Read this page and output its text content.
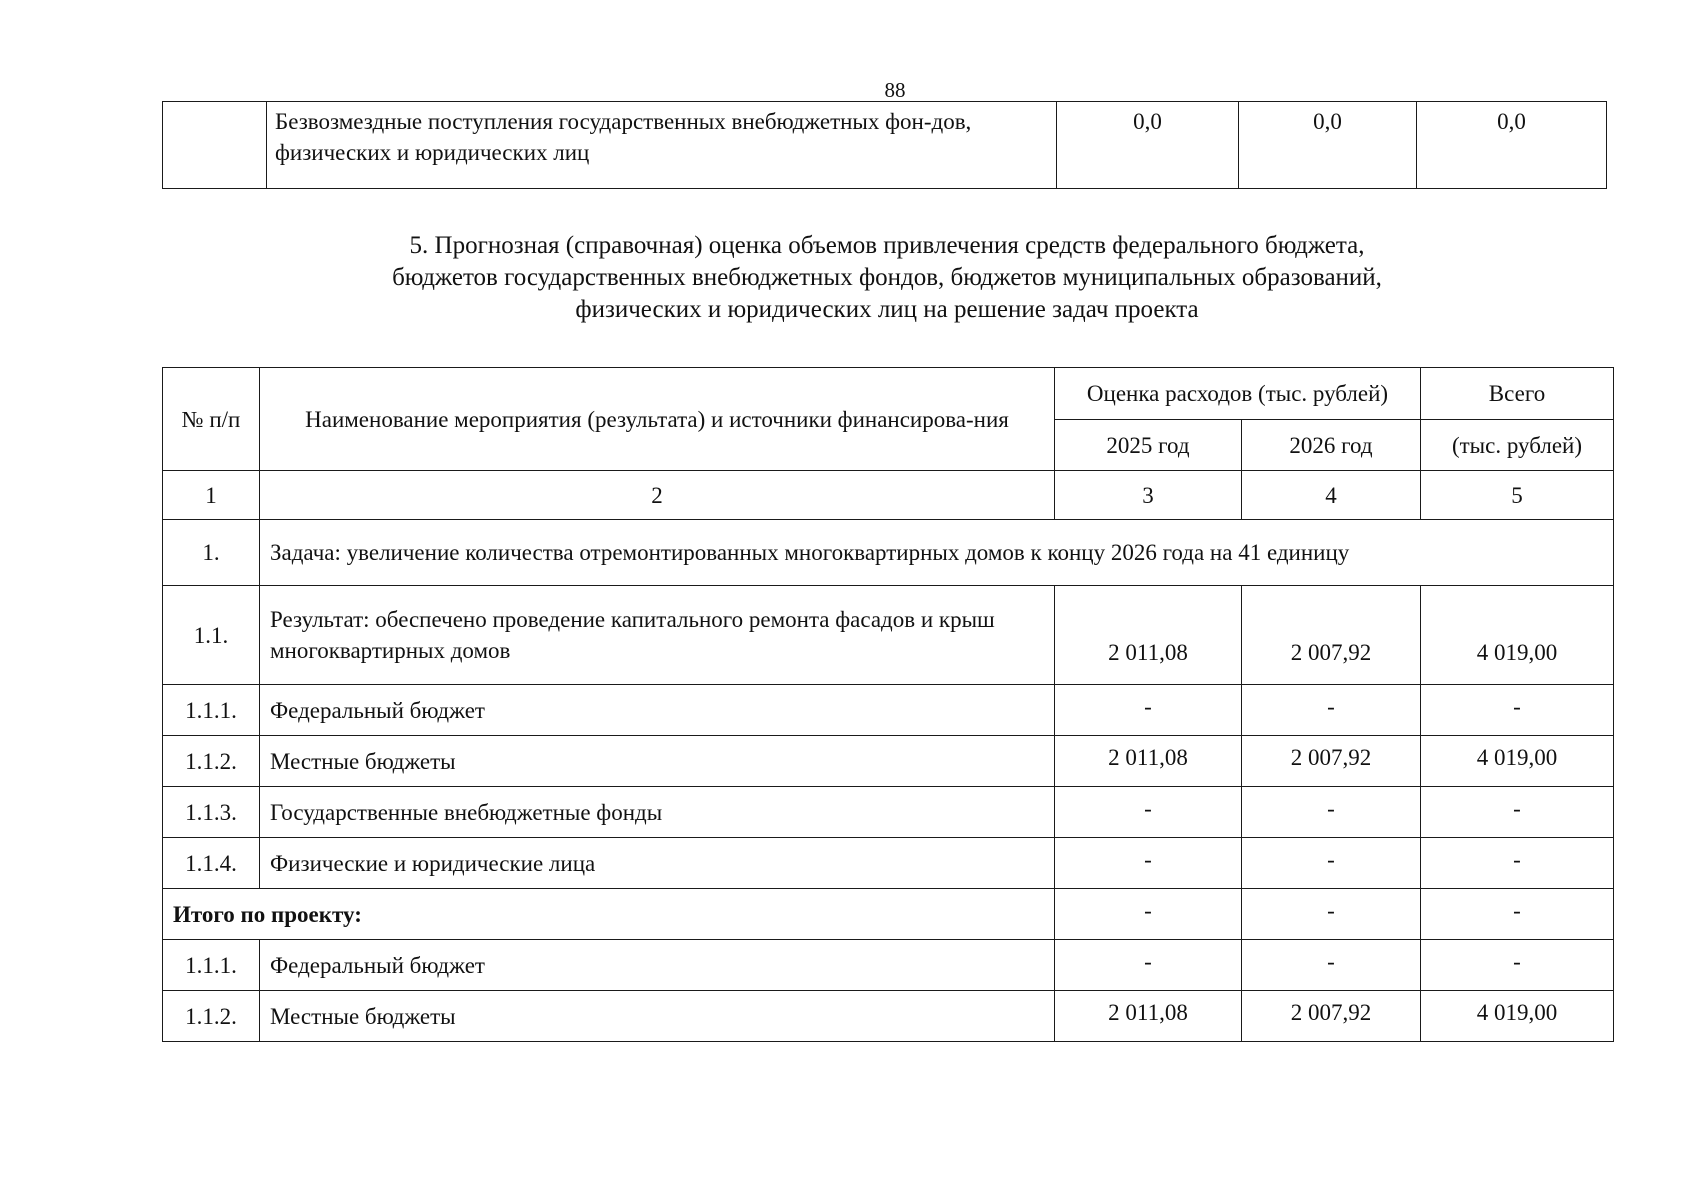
88
	Безвозмездные поступления государственных внебюджетных фон-дов, физических и юридических лиц	0,0	0,0	0,0
5. Прогнозная (справочная) оценка объемов привлечения средств федерального бюджета,
бюджетов государственных внебюджетных фондов, бюджетов муниципальных образований,
физических и юридических лиц на решение задач проекта
№ п/п	Наименование мероприятия (результата) и источники финансирова-ния	Оценка расходов (тыс. рублей)		Всего
		2025 год	2026 год	(тыс. рублей)
1	2	3	4	5
1.	Задача: увеличение количества отремонтированных многоквартирных домов к концу 2026 года на 41 единицу			
1.1.	Результат: обеспечено проведение капитального ремонта фасадов и крыш многоквартирных домов	2 011,08	2 007,92	4 019,00
1.1.1.	Федеральный бюджет	-	-	-
1.1.2.	Местные бюджеты	2 011,08	2 007,92	4 019,00
1.1.3.	Государственные внебюджетные фонды	-	-	-
1.1.4.	Физические и юридические лица	-	-	-
Итого по проекту:		-	-	-
1.1.1.	Федеральный бюджет	-	-	-
1.1.2.	Местные бюджеты	2 011,08	2 007,92	4 019,00
